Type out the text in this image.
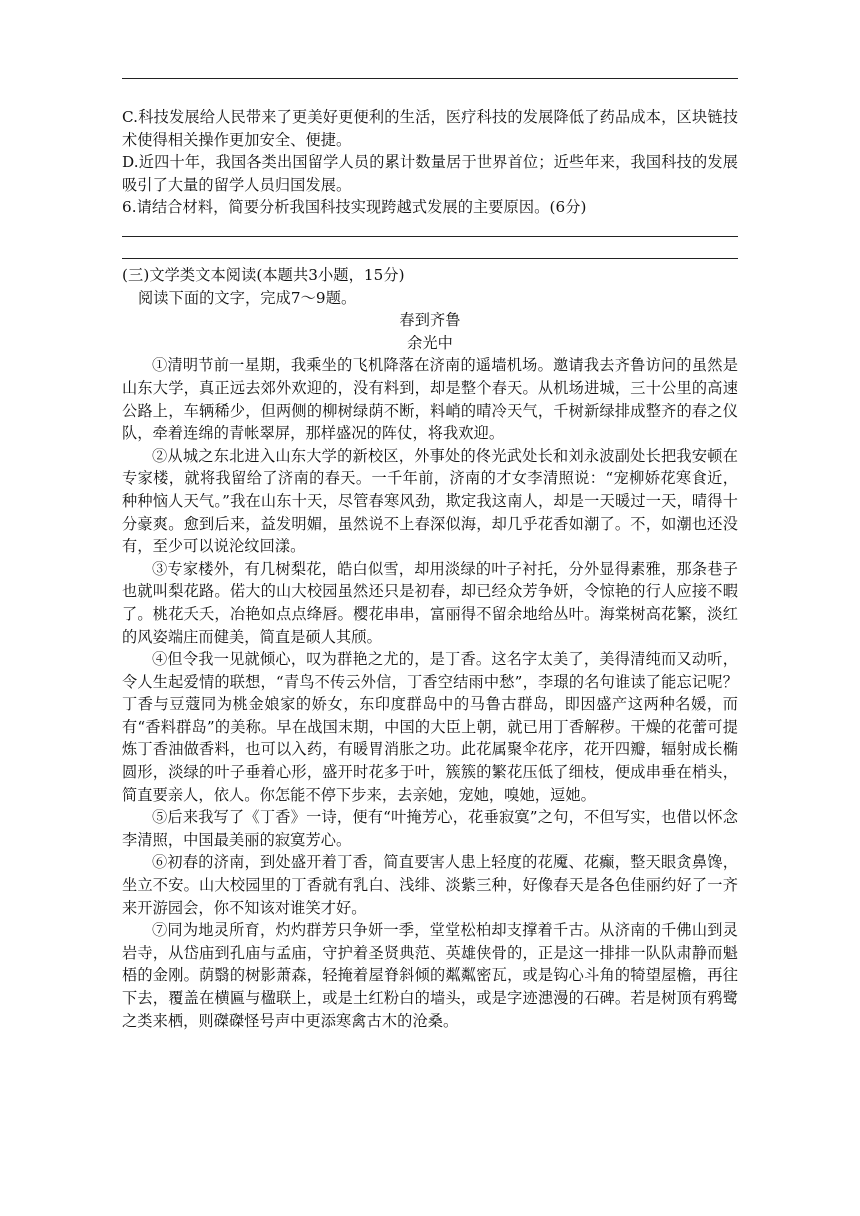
C.科技发展给人民带来了更美好更便利的生活，医疗科技的发展降低了药品成本，区块链技术使得相关操作更加安全、便捷。

D.近四十年，我国各类出国留学人员的累计数量居于世界首位；近些年来，我国科技的发展吸引了大量的留学人员归国发展。

6.请结合材料，简要分析我国科技实现跨越式发展的主要原因。(6分)

(三)文学类文本阅读(本题共3小题，15分)

阅读下面的文字，完成7～9题。

春到齐鲁

余光中

①清明节前一星期，我乘坐的飞机降落在济南的遥墙机场。邀请我去齐鲁访问的虽然是山东大学，真正远去郊外欢迎的，没有料到，却是整个春天。从机场进城，三十公里的高速公路上，车辆稀少，但两侧的柳树绿荫不断，料峭的晴冷天气，千树新绿排成整齐的春之仪队，牵着连绵的青帐翠屏，那样盛况的阵仗，将我欢迎。

②从城之东北进入山东大学的新校区，外事处的佟光武处长和刘永波副处长把我安顿在专家楼，就将我留给了济南的春天。一千年前，济南的才女李清照说：“宠柳娇花寒食近，种种恼人天气。”我在山东十天，尽管春寒风劲，欺定我这南人，却是一天暖过一天，晴得十分豪爽。愈到后来，益发明媚，虽然说不上春深似海，却几乎花香如潮了。不，如潮也还没有，至少可以说沦纹回漾。

③专家楼外，有几树梨花，皓白似雪，却用淡绿的叶子衬托，分外显得素雅，那条巷子也就叫梨花路。偌大的山大校园虽然还只是初春，却已经众芳争妍，令惊艳的行人应接不暇了。桃花夭夭，冶艳如点点绛唇。樱花串串，富丽得不留余地给丛叶。海棠树高花繁，淡红的风姿端庄而健美，简直是硕人其颀。

④但令我一见就倾心，叹为群艳之尤的，是丁香。这名字太美了，美得清纯而又动听，令人生起爱情的联想，“青鸟不传云外信，丁香空结雨中愁”，李璟的名句谁读了能忘记呢？丁香与豆蔻同为桃金娘家的娇女，东印度群岛中的马鲁古群岛，即因盛产这两种名媛，而有“香料群岛”的美称。早在战国末期，中国的大臣上朝，就已用丁香解秽。干燥的花蕾可提炼丁香油做香料，也可以入药，有暖胃消胀之功。此花属聚伞花序，花开四瓣，辐射成长椭圆形，淡绿的叶子垂着心形，盛开时花多于叶，簇簇的繁花压低了细枝，便成串垂在梢头，简直要亲人，依人。你怎能不停下步来，去亲她，宠她，嗅她，逗她。

⑤后来我写了《丁香》一诗，便有“叶掩芳心，花垂寂寞”之句，不但写实，也借以怀念李清照，中国最美丽的寂寞芳心。

⑥初春的济南，到处盛开着丁香，简直要害人患上轻度的花魇、花癫，整天眼贪鼻馋，坐立不安。山大校园里的丁香就有乳白、浅绯、淡紫三种，好像春天是各色佳丽约好了一齐来开游园会，你不知该对谁笑才好。

⑦同为地灵所育，灼灼群芳只争妍一季，堂堂松柏却支撑着千古。从济南的千佛山到灵岩寺，从岱庙到孔庙与孟庙，守护着圣贤典范、英雄侠骨的，正是这一排排一队队肃静而魁梧的金刚。荫翳的树影萧森，轻掩着屋脊斜倾的粼粼密瓦，或是钩心斗角的犄望屋檐，再往下去，覆盖在横匾与楹联上，或是土红粉白的墙头，或是字迹漶漫的石碑。若是树顶有鸦鹭之类来栖，则磔磔怪号声中更添寒禽古木的沧桑。
